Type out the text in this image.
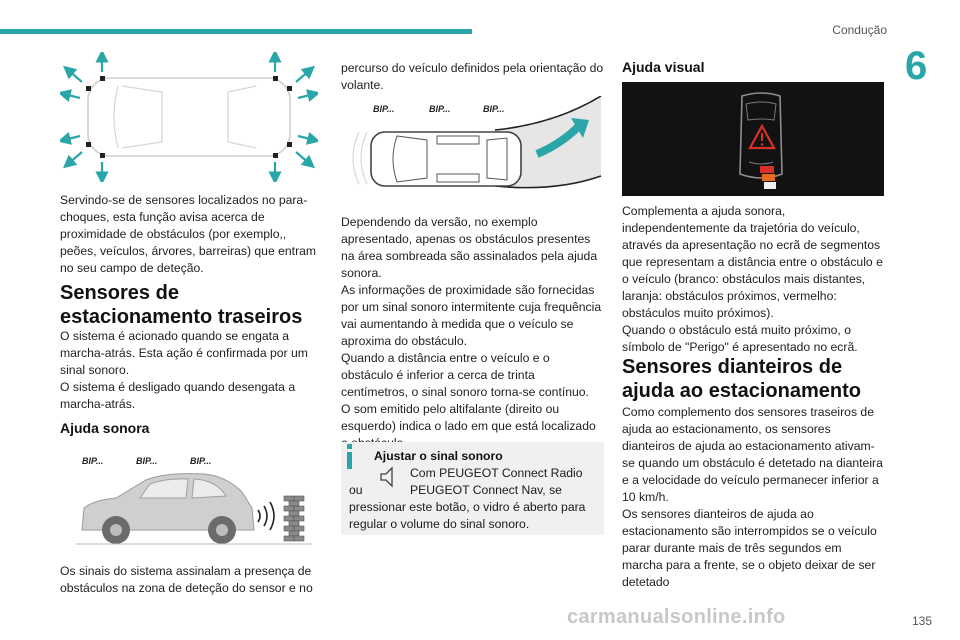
Condução
6

Servindo-se de sensores localizados no para-choques, esta função avisa acerca de proximidade de obstáculos (por exemplo,, peões, veículos, árvores, barreiras) que entram no seu campo de deteção.

Sensores de
estacionamento traseiros

O sistema é acionado quando se engata a marcha-atrás. Esta ação é confirmada por um sinal sonoro.
O sistema é desligado quando desengata a marcha-atrás.

Ajuda sonora
BIP...	BIP...	BIP...

Os sinais do sistema assinalam a presença de obstáculos na zona de deteção do sensor e no

percurso do veículo definidos pela orientação do volante.

BIP...	BIP...	BIP...

Dependendo da versão, no exemplo apresentado, apenas os obstáculos presentes na área sombreada são assinalados pela ajuda sonora.
As informações de proximidade são fornecidas por um sinal sonoro intermitente cuja frequência vai aumentando à medida que o veículo se aproxima do obstáculo.
Quando a distância entre o veículo e o obstáculo é inferior a cerca de trinta centímetros, o sinal sonoro torna-se contínuo.
O som emitido pelo altifalante (direito ou esquerdo) indica o lado em que está localizado

Ajustar o sinal sonoro
Com PEUGEOT Connect Radio
ou	PEUGEOT Connect Nav, se
pressionar este botão, o vidro é aberto para regular o volume do sinal sonoro.
Ajuda visual

Complementa a ajuda sonora, independentemente da trajetória do veículo, através da apresentação no ecrã de segmentos que representam a distância entre o obstáculo e o veículo (branco: obstáculos mais distantes, laranja: obstáculos próximos, vermelho: obstáculos muito próximos).
Quando o obstáculo está muito próximo, o símbolo de "Perigo" é apresentado no ecrã.

Sensores dianteiros de
ajuda ao estacionamento

Como complemento dos sensores traseiros de ajuda ao estacionamento, os sensores dianteiros de ajuda ao estacionamento ativam-se quando um obstáculo é detetado na dianteira e a velocidade do veículo permanecer inferior a
10 km/h.
Os sensores dianteiros de ajuda ao estacionamento são interrompidos se o veículo parar durante mais de três segundos em marcha para a frente, se o objeto deixar de ser detetado

carmanualsonline.info	135
